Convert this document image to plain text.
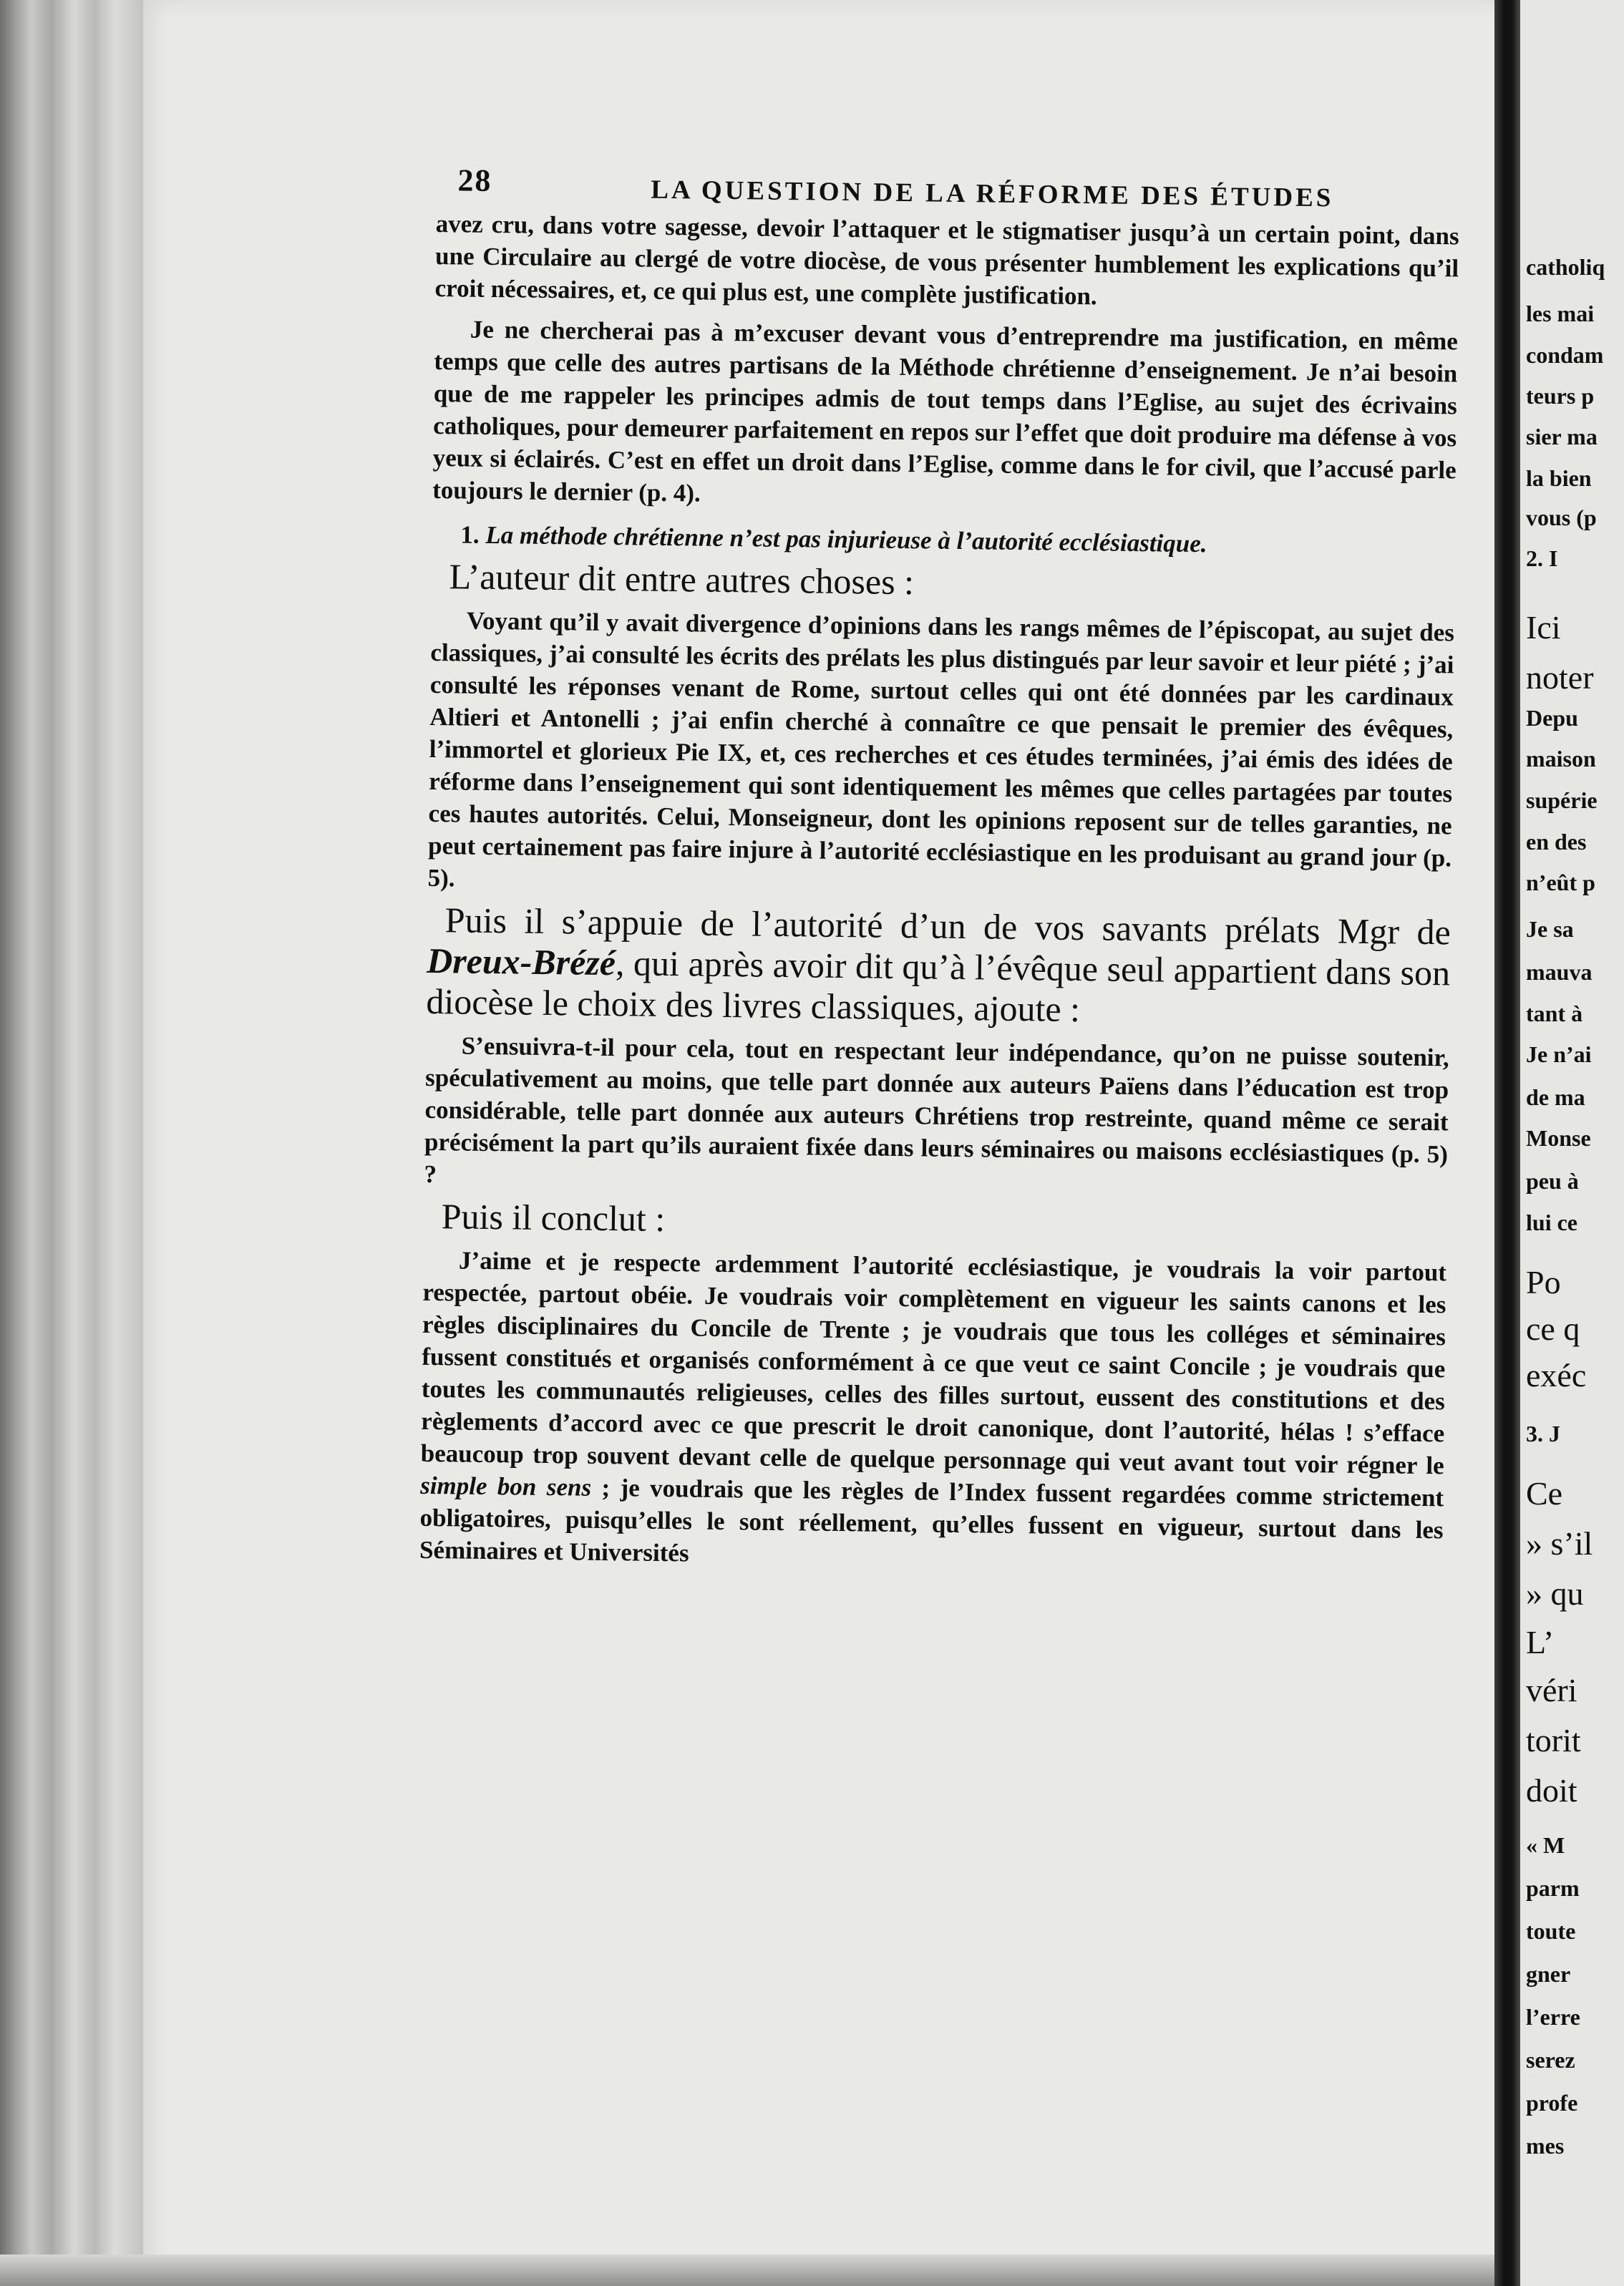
catholiq
les mai
condam
teurs p
sier ma
la bien
vous (p
2. I
Ici
noter
Depu
maison
supérie
en des
n’eût p
Je sa
mauva
tant à
Je n’ai
de ma
Monse
peu à
lui ce
Po
ce q
exéc
3. J
Ce
» s’il
» qu
L’
véri
torit
doit
« M
parm
toute
gner
l’erre
serez
profe
mes
28	LA QUESTION DE LA RÉFORME DES ÉTUDES

avez cru, dans votre sagesse, devoir l’attaquer et le stigmatiser jusqu’à un certain point, dans une Circulaire au clergé de votre diocèse, de vous présenter humblement les explications qu’il croit nécessaires, et, ce qui plus est, une complète justification.

Je ne chercherai pas à m’excuser devant vous d’entreprendre ma justification, en même temps que celle des autres partisans de la Méthode chrétienne d’enseignement. Je n’ai besoin que de me rappeler les principes admis de tout temps dans l’Eglise, au sujet des écrivains catholiques, pour demeurer parfaitement en repos sur l’effet que doit produire ma défense à vos yeux si éclairés. C’est en effet un droit dans l’Eglise, comme dans le for civil, que l’accusé parle toujours le dernier (p. 4).

1. La méthode chrétienne n’est pas injurieuse à l’autorité ecclésiastique.

L’auteur dit entre autres choses :

Voyant qu’il y avait divergence d’opinions dans les rangs mêmes de l’épiscopat, au sujet des classiques, j’ai consulté les écrits des prélats les plus distingués par leur savoir et leur piété ; j’ai consulté les réponses venant de Rome, surtout celles qui ont été données par les cardinaux Altieri et Antonelli ; j’ai enfin cherché à connaître ce que pensait le premier des évêques, l’immortel et glorieux Pie IX, et, ces recherches et ces études terminées, j’ai émis des idées de réforme dans l’enseignement qui sont identiquement les mêmes que celles partagées par toutes ces hautes autorités. Celui, Monseigneur, dont les opinions reposent sur de telles garanties, ne peut certainement pas faire injure à l’autorité ecclésiastique en les produisant au grand jour (p. 5).

Puis il s’appuie de l’autorité d’un de vos savants prélats Mgr de Dreux-Brézé, qui après avoir dit qu’à l’évêque seul appartient dans son diocèse le choix des livres classiques, ajoute :

S’ensuivra-t-il pour cela, tout en respectant leur indépendance, qu’on ne puisse soutenir, spéculativement au moins, que telle part donnée aux auteurs Païens dans l’éducation est trop considérable, telle part donnée aux auteurs Chrétiens trop restreinte, quand même ce serait précisément la part qu’ils auraient fixée dans leurs séminaires ou maisons ecclésiastiques (p. 5) ?

Puis il conclut :

J’aime et je respecte ardemment l’autorité ecclésiastique, je voudrais la voir partout respectée, partout obéie. Je voudrais voir complètement en vigueur les saints canons et les règles disciplinaires du Concile de Trente ; je voudrais que tous les colléges et séminaires fussent constitués et organisés conformément à ce que veut ce saint Concile ; je voudrais que toutes les communautés religieuses, celles des filles surtout, eussent des constitutions et des règlements d’accord avec ce que prescrit le droit canonique, dont l’autorité, hélas ! s’efface beaucoup trop souvent devant celle de quelque personnage qui veut avant tout voir régner le simple bon sens ; je voudrais que les règles de l’Index fussent regardées comme strictement obligatoires, puisqu’elles le sont réellement, qu’elles fussent en vigueur, surtout dans les Séminaires et Universités
